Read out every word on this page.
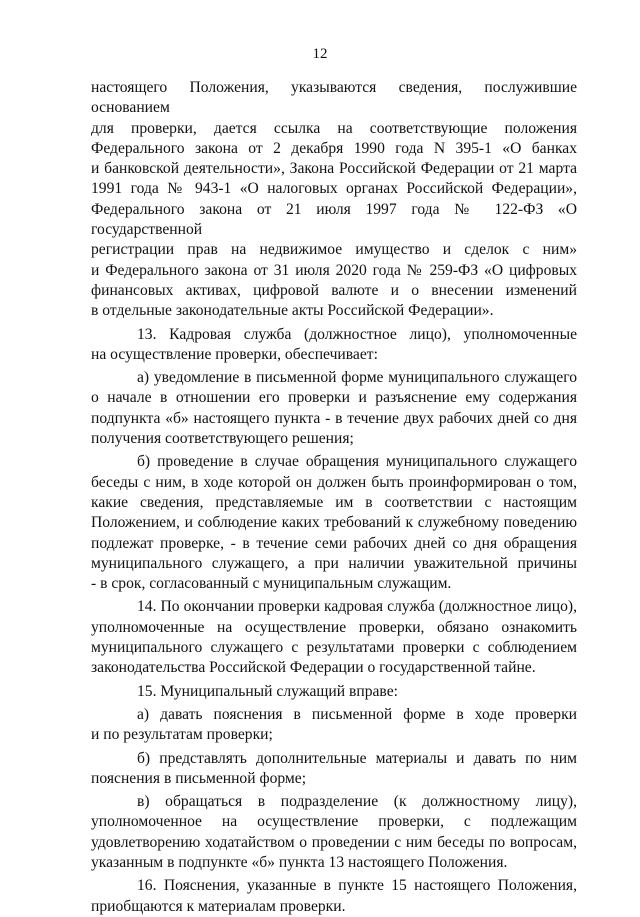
12
настоящего Положения, указываются сведения, послужившие основанием
для проверки, дается ссылка на соответствующие положения
Федерального закона от 2 декабря 1990 года N 395-1 «О банках
и банковской деятельности», Закона Российской Федерации от 21 марта
1991 года № 943-1 «О налоговых органах Российской Федерации»,
Федерального закона от 21 июля 1997 года № 122-ФЗ «О государственной
регистрации прав на недвижимое имущество и сделок с ним»
и Федерального закона от 31 июля 2020 года № 259-ФЗ «О цифровых
финансовых активах, цифровой валюте и о внесении изменений
в отдельные законодательные акты Российской Федерации».
13. Кадровая служба (должностное лицо), уполномоченные
на осуществление проверки, обеспечивает:
а) уведомление в письменной форме муниципального служащего
о начале в отношении его проверки и разъяснение ему содержания
подпункта «б» настоящего пункта - в течение двух рабочих дней со дня
получения соответствующего решения;
б) проведение в случае обращения муниципального служащего
беседы с ним, в ходе которой он должен быть проинформирован о том,
какие сведения, представляемые им в соответствии с настоящим
Положением, и соблюдение каких требований к служебному поведению
подлежат проверке, - в течение семи рабочих дней со дня обращения
муниципального служащего, а при наличии уважительной причины
- в срок, согласованный с муниципальным служащим.
14. По окончании проверки кадровая служба (должностное лицо),
уполномоченные на осуществление проверки, обязано ознакомить
муниципального служащего с результатами проверки с соблюдением
законодательства Российской Федерации о государственной тайне.
15. Муниципальный служащий вправе:
а) давать пояснения в письменной форме в ходе проверки
и по результатам проверки;
б) представлять дополнительные материалы и давать по ним
пояснения в письменной форме;
в) обращаться в подразделение (к должностному лицу),
уполномоченное на осуществление проверки, с подлежащим
удовлетворению ходатайством о проведении с ним беседы по вопросам,
указанным в подпункте «б» пункта 13 настоящего Положения.
16. Пояснения, указанные в пункте 15 настоящего Положения,
приобщаются к материалам проверки.
